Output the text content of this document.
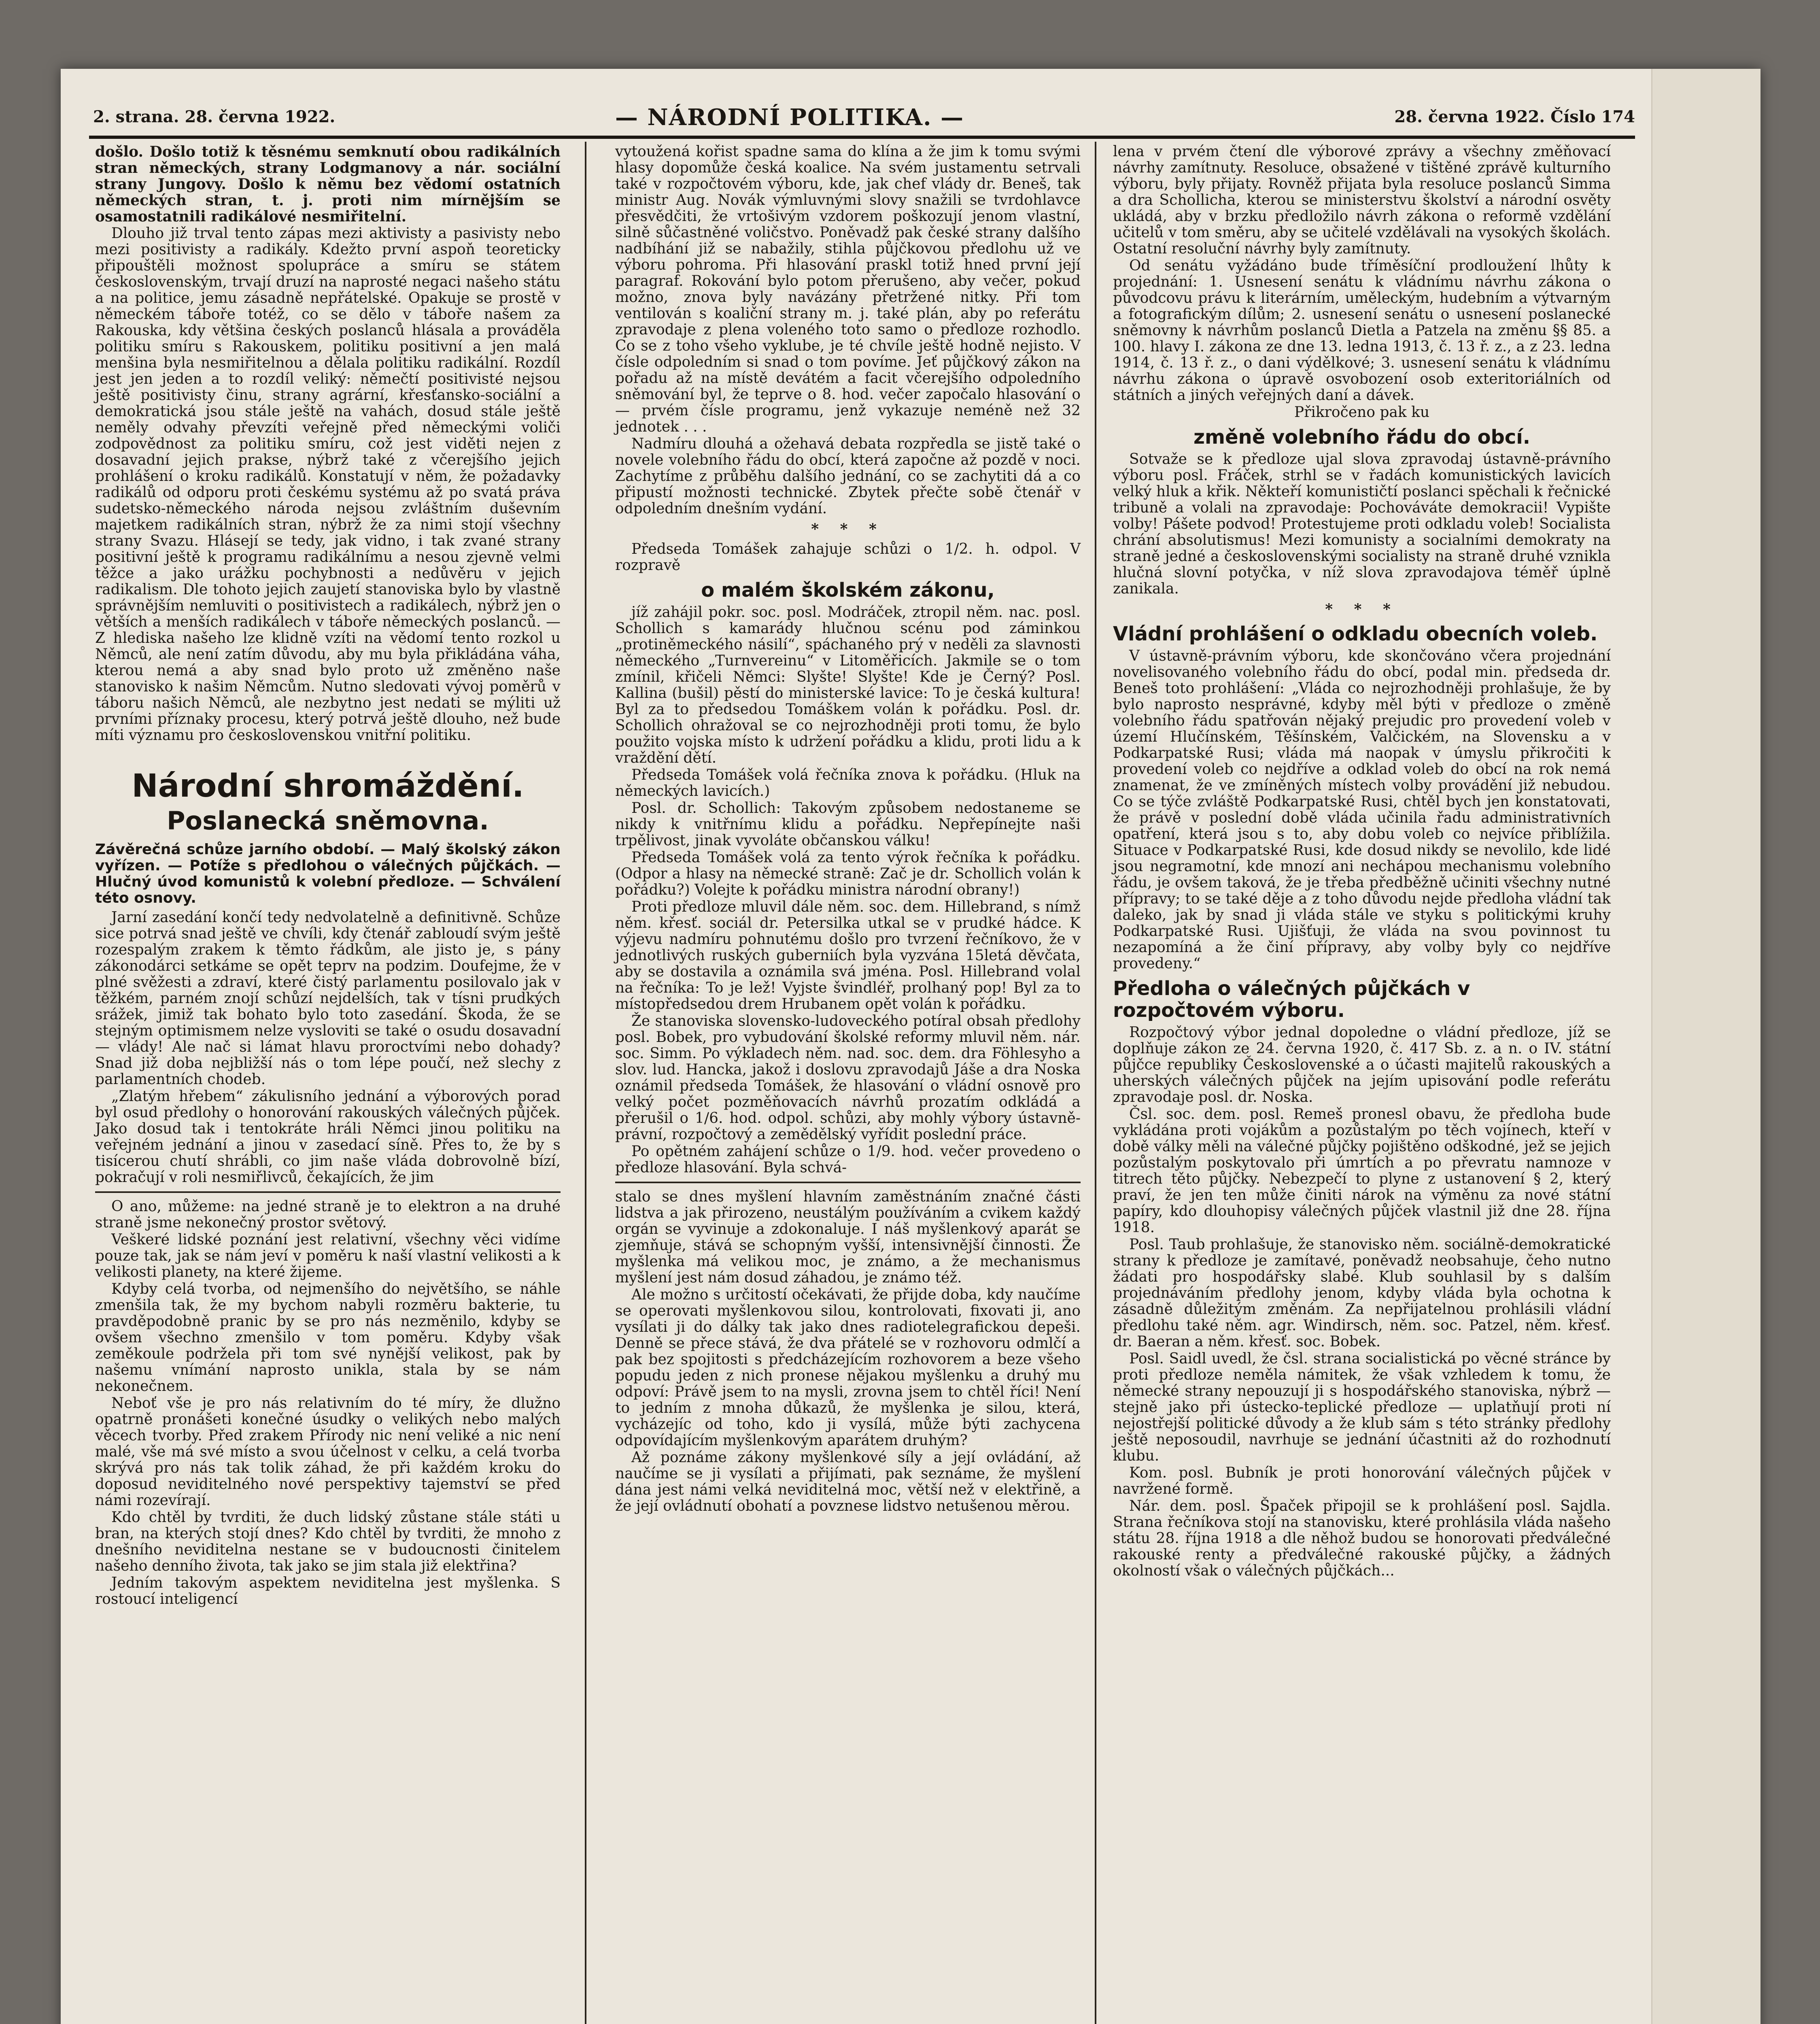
2. strana. 28. června 1922.	— NÁRODNÍ POLITIKA. —	28. června 1922. Číslo 174

došlo. Došlo totiž k těsnému semknutí obou radikálních stran německých, strany Lodgmanovy a nár. sociální strany Jungovy. Došlo k němu bez vědomí ostatních německých stran, t. j. proti nim mírnějším se osamostatnili radikálové nesmiřitelní.

Dlouho již trval tento zápas mezi aktivisty a pasivisty nebo mezi positivisty a radikály. Kdežto první aspoň teoreticky připouštěli možnost spolupráce a smíru se státem československým, trvají druzí na naprosté negaci našeho státu a na politice, jemu zásadně nepřátelské. Opakuje se prostě v německém táboře totéž, co se dělo v táboře našem za Rakouska, kdy většina českých poslanců hlásala a prováděla politiku smíru s Rakouskem, politiku positivní a jen malá menšina byla nesmiřitelnou a dělala politiku radikální. Rozdíl jest jen jeden a to rozdíl veliký: němečtí positivisté nejsou ještě positivisty činu, strany agrární, křesťansko-sociální a demokratická jsou stále ještě na vahách, dosud stále ještě neměly odvahy převzíti veřejně před německými voliči zodpovědnost za politiku smíru, což jest viděti nejen z dosavadní jejich prakse, nýbrž také z včerejšího jejich prohlášení o kroku radikálů. Konstatují v něm, že požadavky radikálů od odporu proti českému systému až po svatá práva sudetsko-německého národa nejsou zvláštním duševním majetkem radikálních stran, nýbrž že za nimi stojí všechny strany Svazu. Hlásejí se tedy, jak vidno, i tak zvané strany positivní ještě k programu radikálnímu a nesou zjevně velmi těžce a jako urážku pochybnosti a nedůvěru v jejich radikalism. Dle tohoto jejich zaujetí stanoviska bylo by vlastně správnějším nemluviti o positivistech a radikálech, nýbrž jen o větších a menších radikálech v táboře německých poslanců. — Z hlediska našeho lze klidně vzíti na vědomí tento rozkol u Němců, ale není zatím důvodu, aby mu byla přikládána váha, kterou nemá a aby snad bylo proto už změněno naše stanovisko k našim Němcům. Nutno sledovati vývoj poměrů v táboru našich Němců, ale nezbytno jest nedati se mýliti už prvními příznaky procesu, který potrvá ještě dlouho, než bude míti významu pro československou vnitřní politiku.

Národní shromáždění.
Poslanecká sněmovna.
Závěrečná schůze jarního období. — Malý školský zákon vyřízen. — Potíže s předlohou o válečných půjčkách. — Hlučný úvod komunistů k volební předloze. — Schválení této osnovy.

Jarní zasedání končí tedy nedvolatelně a definitivně. Schůze sice potrvá snad ještě ve chvíli, kdy čtenář zabloudí svým ještě rozespalým zrakem k těmto řádkům, ale jisto je, s pány zákonodárci setkáme se opět teprv na podzim. Doufejme, že v plné svěžesti a zdraví, které čistý parlamentu posilovalo jak v těžkém, parném znojí schůzí nejdelších, tak v tísni prudkých srážek, jimiž tak bohato bylo toto zasedání. Škoda, že se stejným optimismem nelze vysloviti se také o osudu dosavadní — vlády! Ale nač si lámat hlavu proroctvími nebo dohady? Snad již doba nejbližší nás o tom lépe poučí, než slechy z parlamentních chodeb.

„Zlatým hřebem“ zákulisního jednání a výborových porad byl osud předlohy o honorování rakouských válečných půjček. Jako dosud tak i tentokráte hráli Němci jinou politiku na veřejném jednání a jinou v zasedací síně. Přes to, že by s tisícerou chutí shrábli, co jim naše vláda dobrovolně bízí, pokračují v roli nesmiřlivců, čekajících, že jim

O ano, můžeme: na jedné straně je to elektron a na druhé straně jsme nekonečný prostor světový.

Veškeré lidské poznání jest relativní, všechny věci vidíme pouze tak, jak se nám jeví v poměru k naší vlastní velikosti a k velikosti planety, na které žijeme.

Kdyby celá tvorba, od nejmenšího do největšího, se náhle zmenšila tak, že my bychom nabyli rozměru bakterie, tu pravděpodobně pranic by se pro nás nezměnilo, kdyby se ovšem všechno zmenšilo v tom poměru. Kdyby však zeměkoule podržela při tom své nynější velikost, pak by našemu vnímání naprosto unikla, stala by se nám nekonečnem.

Neboť vše je pro nás relativním do té míry, že dlužno opatrně pronášeti konečné úsudky o velikých nebo malých věcech tvorby. Před zrakem Přírody nic není veliké a nic není malé, vše má své místo a svou účelnost v celku, a celá tvorba skrývá pro nás tak tolik záhad, že při každém kroku do doposud neviditelného nové perspektivy tajemství se před námi rozevírají.

Kdo chtěl by tvrditi, že duch lidský zůstane stále státi u bran, na kterých stojí dnes? Kdo chtěl by tvrditi, že mnoho z dnešního neviditelna nestane se v budoucnosti činitelem našeho denního života, tak jako se jim stala již elektřina?

Jedním takovým aspektem neviditelna jest myšlenka. S rostoucí inteligencí

vytoužená kořist spadne sama do klína a že jim k tomu svými hlasy dopomůže česká koalice. Na svém justamentu setrvali také v rozpočtovém výboru, kde, jak chef vlády dr. Beneš, tak ministr Aug. Novák výmluvnými slovy snažili se tvrdohlavce přesvědčiti, že vrtošivým vzdorem poškozují jenom vlastní, silně sůčastněné voličstvo. Poněvadž pak české strany dalšího nadbíhání již se nabažily, stihla půjčkovou předlohu už ve výboru pohroma. Při hlasování praskl totiž hned první její paragraf. Rokování bylo potom přerušeno, aby večer, pokud možno, znova byly navázány přetržené nitky. Při tom ventilován s koaliční strany m. j. také plán, aby po referátu zpravodaje z plena voleného toto samo o předloze rozhodlo. Co se z toho všeho vyklube, je té chvíle ještě hodně nejisto. V čísle odpoledním si snad o tom povíme. Jeť půjčkový zákon na pořadu až na místě devátém a facit včerejšího odpoledního sněmování byl, že teprve o 8. hod. večer započalo hlasování o — prvém čísle programu, jenž vykazuje neméně než 32 jednotek . . .

Nadmíru dlouhá a ožehavá debata rozpředla se jistě také o novele volebního řádu do obcí, která započne až pozdě v noci. Zachytíme z průběhu dalšího jednání, co se zachytiti dá a co připustí možnosti technické. Zbytek přečte sobě čtenář v odpoledním dnešním vydání.

* * *

Předseda Tomášek zahajuje schůzi o 1/2. h. odpol. V rozpravě

o malém školském zákonu,

jíž zahájil pokr. soc. posl. Modráček, ztropil něm. nac. posl. Schollich s kamarády hlučnou scénu pod záminkou „protiněmeckého násilí“, spáchaného prý v neděli za slavnosti německého „Turnvereinu“ v Litoměřicích. Jakmile se o tom zmínil, křičeli Němci: Slyšte! Slyšte! Kde je Černý? Posl. Kallina (bušil) pěstí do ministerské lavice: To je česká kultura! Byl za to předsedou Tomáškem volán k pořádku. Posl. dr. Schollich ohražoval se co nejrozhodněji proti tomu, že bylo použito vojska místo k udržení pořádku a klidu, proti lidu a k vraždění dětí.

Předseda Tomášek volá řečníka znova k pořádku. (Hluk na německých lavicích.)

Posl. dr. Schollich: Takovým způsobem nedostaneme se nikdy k vnitřnímu klidu a pořádku. Nepřepínejte naši trpělivost, jinak vyvoláte občanskou válku!

Předseda Tomášek volá za tento výrok řečníka k pořádku. (Odpor a hlasy na německé straně: Zač je dr. Schollich volán k pořádku?) Volejte k pořádku ministra národní obrany!)

Proti předloze mluvil dále něm. soc. dem. Hillebrand, s nímž něm. křesť. sociál dr. Petersilka utkal se v prudké hádce. K výjevu nadmíru pohnutému došlo pro tvrzení řečníkovo, že v jednotlivých ruských guberniích byla vyzvána 15letá děvčata, aby se dostavila a oznámila svá jména. Posl. Hillebrand volal na řečníka: To je lež! Vyjste švindléř, prolhaný pop! Byl za to místopředsedou drem Hrubanem opět volán k pořádku.

Že stanoviska slovensko-ludoveckého potíral obsah předlohy posl. Bobek, pro vybudování školské reformy mluvil něm. nár. soc. Simm. Po výkladech něm. nad. soc. dem. dra Föhlesyho a slov. lud. Hancka, jakož i doslovu zpravodajů Jáše a dra Noska oznámil předseda Tomášek, že hlasování o vládní osnově pro velký počet pozměňovacích návrhů prozatím odkládá a přerušil o 1/6. hod. odpol. schůzi, aby mohly výbory ústavně-právní, rozpočtový a zemědělský vyřídit poslední práce.

Po opětném zahájení schůze o 1/9. hod. večer provedeno o předloze hlasování. Byla schvá-

stalo se dnes myšlení hlavním zaměstnáním značné části lidstva a jak přirozeno, neustálým používáním a cvikem každý orgán se vyvinuje a zdokonaluje. I náš myšlenkový aparát se zjemňuje, stává se schopným vyšší, intensivnější činnosti. Že myšlenka má velikou moc, je známo, a že mechanismus myšlení jest nám dosud záhadou, je známo též.

Ale možno s určitostí očekávati, že přijde doba, kdy naučíme se operovati myšlenkovou silou, kontrolovati, fixovati ji, ano vysílati ji do dálky tak jako dnes radiotelegrafickou depeši. Denně se přece stává, že dva přátelé se v rozhovoru odmlčí a pak bez spojitosti s předcházejícím rozhovorem a beze všeho popudu jeden z nich pronese nějakou myšlenku a druhý mu odpoví: Právě jsem to na mysli, zrovna jsem to chtěl říci! Není to jedním z mnoha důkazů, že myšlenka je silou, která, vycházejíc od toho, kdo ji vysílá, může býti zachycena odpovídajícím myšlenkovým aparátem druhým?

Až poznáme zákony myšlenkové síly a její ovládání, až naučíme se ji vysílati a přijímati, pak seznáme, že myšlení dána jest námi velká neviditelná moc, větší než v elektřině, a že její ovládnutí obohatí a povznese lidstvo netušenou měrou.

lena v prvém čtení dle výborové zprávy a všechny změňovací návrhy zamítnuty. Resoluce, obsažené v tištěné zprávě kulturního výboru, byly přijaty. Rovněž přijata byla resoluce poslanců Simma a dra Schollicha, kterou se ministerstvu školství a národní osvěty ukládá, aby v brzku předložilo návrh zákona o reformě vzdělání učitelů v tom směru, aby se učitelé vzdělávali na vysokých školách. Ostatní resoluční návrhy byly zamítnuty.

Od senátu vyžádáno bude tříměsíční prodloužení lhůty k projednání: 1. Usnesení senátu k vládnímu návrhu zákona o původcovu právu k literárním, uměleckým, hudebním a výtvarným a fotografickým dílům; 2. usnesení senátu o usnesení poslanecké sněmovny k návrhům poslanců Dietla a Patzela na změnu §§ 85. a 100. hlavy I. zákona ze dne 13. ledna 1913, č. 13 ř. z., a z 23. ledna 1914, č. 13 ř. z., o dani výdělkové; 3. usnesení senátu k vládnímu návrhu zákona o úpravě osvobození osob exteritoriálních od státních a jiných veřejných daní a dávek.

Přikročeno pak ku

změně volebního řádu do obcí.

Sotvaže se k předloze ujal slova zpravodaj ústavně-právního výboru posl. Fráček, strhl se v řadách komunistických lavicích velký hluk a křik. Někteří komunističtí poslanci spěchali k řečnické tribuně a volali na zpravodaje: Pochováváte demokracii! Vypište volby! Pášete podvod! Protestujeme proti odkladu voleb! Socialista chrání absolutismus! Mezi komunisty a socialními demokraty na straně jedné a československými socialisty na straně druhé vznikla hlučná slovní potyčka, v níž slova zpravodajova téměř úplně zanikala.

* * *
Vládní prohlášení o odkladu obecních voleb.

V ústavně-právním výboru, kde skončováno včera projednání novelisovaného volebního řádu do obcí, podal min. předseda dr. Beneš toto prohlášení: „Vláda co nejrozhodněji prohlašuje, že by bylo naprosto nesprávné, kdyby měl býti v předloze o změně volebního řádu spatřován nějaký prejudic pro provedení voleb v území Hlučínském, Těšínském, Valčickém, na Slovensku a v Podkarpatské Rusi; vláda má naopak v úmyslu přikročiti k provedení voleb co nejdříve a odklad voleb do obcí na rok nemá znamenat, že ve zmíněných místech volby provádění již nebudou. Co se týče zvláště Podkarpatské Rusi, chtěl bych jen konstatovati, že právě v poslední době vláda učinila řadu administrativních opatření, která jsou s to, aby dobu voleb co nejvíce přiblížila. Situace v Podkarpatské Rusi, kde dosud nikdy se nevolilo, kde lidé jsou negramotní, kde mnozí ani nechápou mechanismu volebního řádu, je ovšem taková, že je třeba předběžně učiniti všechny nutné přípravy; to se také děje a z toho důvodu nejde předloha vládní tak daleko, jak by snad ji vláda stále ve styku s politickými kruhy Podkarpatské Rusi. Ujišťuji, že vláda na svou povinnost tu nezapomíná a že činí přípravy, aby volby byly co nejdříve provedeny.“

Předloha o válečných půjčkách v rozpočtovém výboru.

Rozpočtový výbor jednal dopoledne o vládní předloze, jíž se doplňuje zákon ze 24. června 1920, č. 417 Sb. z. a n. o IV. státní půjčce republiky Československé a o účasti majitelů rakouských a uherských válečných půjček na jejím upisování podle referátu zpravodaje posl. dr. Noska.

Čsl. soc. dem. posl. Remeš pronesl obavu, že předloha bude vykládána proti vojákům a pozůstalým po těch vojínech, kteří v době války měli na válečné půjčky pojištěno odškodné, jež se jejich pozůstalým poskytovalo při úmrtích a po převratu namnoze v titrech těto půjčky. Nebezpečí to plyne z ustanovení § 2, který praví, že jen ten může činiti nárok na výměnu za nové státní papíry, kdo dlouhopisy válečných půjček vlastnil již dne 28. října 1918.

Posl. Taub prohlašuje, že stanovisko něm. sociálně-demokratické strany k předloze je zamítavé, poněvadž neobsahuje, čeho nutno žádati pro hospodářsky slabé. Klub souhlasil by s dalším projednáváním předlohy jenom, kdyby vláda byla ochotna k zásadně důležitým změnám. Za nepřijatelnou prohlásili vládní předlohu také něm. agr. Windirsch, něm. soc. Patzel, něm. křesť. dr. Baeran a něm. křesť. soc. Bobek.

Posl. Saidl uvedl, že čsl. strana socialistická po věcné stránce by proti předloze neměla námitek, že však vzhledem k tomu, že německé strany nepouzují ji s hospodářského stanoviska, nýbrž — stejně jako při ústecko-teplické předloze — uplatňují proti ní nejostřejší politické důvody a že klub sám s této stránky předlohy ještě neposoudil, navrhuje se jednání účastniti až do rozhodnutí klubu.

Kom. posl. Bubník je proti honorování válečných půjček v navržené formě.

Nár. dem. posl. Špaček připojil se k prohlášení posl. Sajdla. Strana řečníkova stojí na stanovisku, které prohlásila vláda našeho státu 28. října 1918 a dle něhož budou se honorovati předválečné rakouské renty a předválečné rakouské půjčky, a žádných okolností však o válečných půjčkách...
